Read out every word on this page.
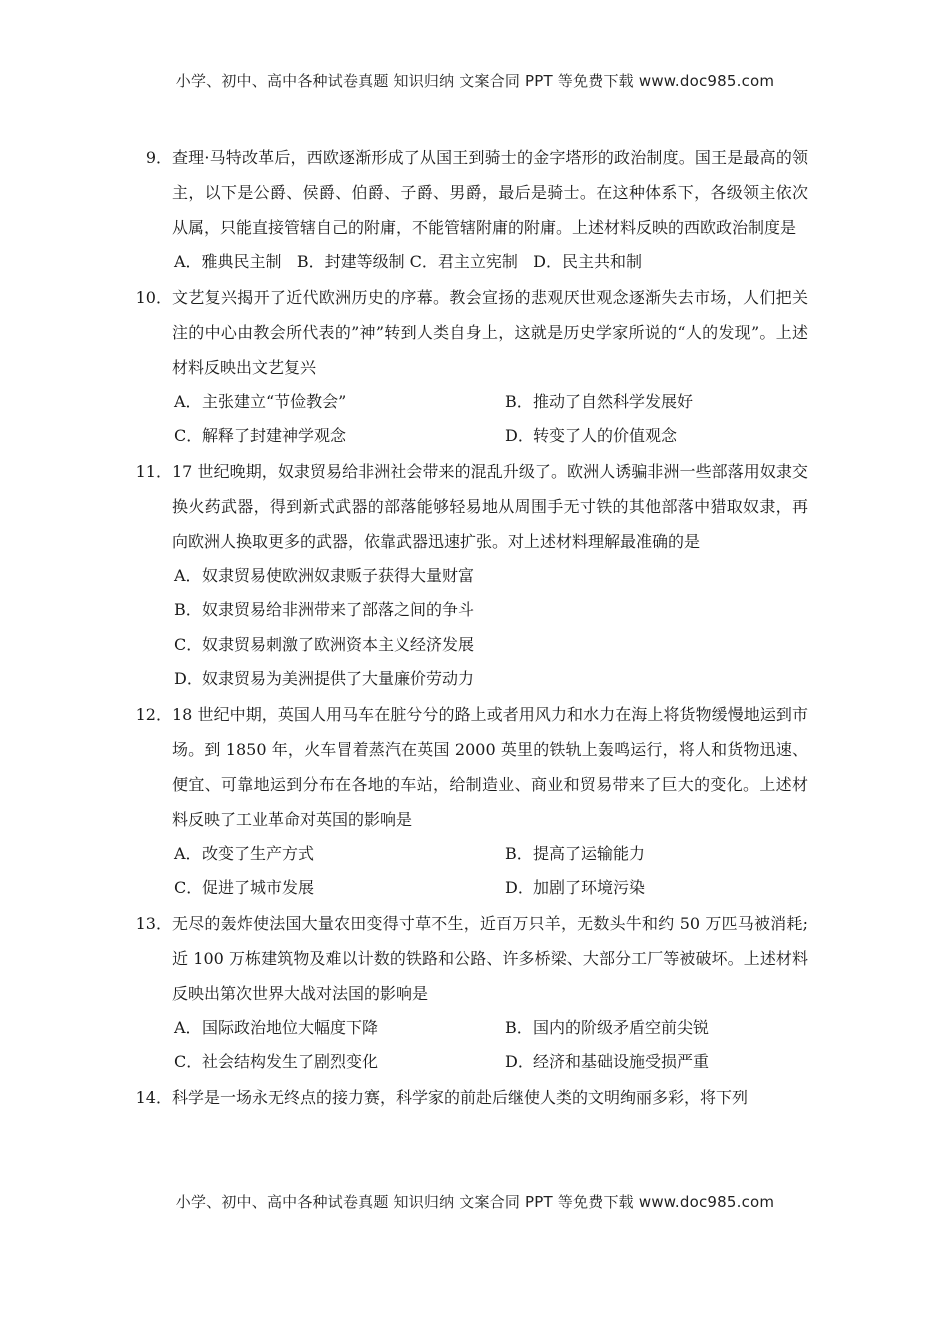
小学、初中、高中各种试卷真题 知识归纳 文案合同 PPT 等免费下载 www.doc985.com
9． 查理·马特改革后，西欧逐渐形成了从国王到骑士的金字塔形的政治制度。国王是最高的领主，以下是公爵、侯爵、伯爵、子爵、男爵，最后是骑士。在这种体系下，各级领主依次从属，只能直接管辖自己的附庸，不能管辖附庸的附庸。上述材料反映的西欧政治制度是
A．雅典民主制   B．封建等级制 C．君主立宪制   D．民主共和制
10． 文艺复兴揭开了近代欧洲历史的序幕。教会宣扬的悲观厌世观念逐渐失去市场，人们把关注的中心由教会所代表的”神”转到人类自身上，这就是历史学家所说的“人的发现”。上述材料反映出文艺复兴
A．主张建立“节俭教会”	B．推动了自然科学发展好
C．解释了封建神学观念	D．转变了人的价值观念
11． 17 世纪晚期，奴隶贸易给非洲社会带来的混乱升级了。欧洲人诱骗非洲一些部落用奴隶交换火药武器，得到新式武器的部落能够轻易地从周围手无寸铁的其他部落中猎取奴隶，再向欧洲人换取更多的武器，依靠武器迅速扩张。对上述材料理解最准确的是
A．奴隶贸易使欧洲奴隶贩子获得大量财富
B．奴隶贸易给非洲带来了部落之间的争斗
C．奴隶贸易刺激了欧洲资本主义经济发展
D．奴隶贸易为美洲提供了大量廉价劳动力
12． 18 世纪中期，英国人用马车在脏兮兮的路上或者用风力和水力在海上将货物缓慢地运到市场。到 1850 年，火车冒着蒸汽在英国 2000 英里的铁轨上轰鸣运行，将人和货物迅速、便宜、可靠地运到分布在各地的车站，给制造业、商业和贸易带来了巨大的变化。上述材料反映了工业革命对英国的影响是
A．改变了生产方式	B．提高了运输能力
C．促进了城市发展	D．加剧了环境污染
13． 无尽的轰炸使法国大量农田变得寸草不生，近百万只羊，无数头牛和约 50 万匹马被消耗;近 100 万栋建筑物及难以计数的铁路和公路、许多桥梁、大部分工厂等被破坏。上述材料反映出第次世界大战对法国的影响是
A．国际政治地位大幅度下降	B．国内的阶级矛盾空前尖锐
C．社会结构发生了剧烈变化	D．经济和基础设施受损严重
14． 科学是一场永无终点的接力赛，科学家的前赴后继使人类的文明绚丽多彩，将下列
小学、初中、高中各种试卷真题 知识归纳 文案合同 PPT 等免费下载 www.doc985.com
